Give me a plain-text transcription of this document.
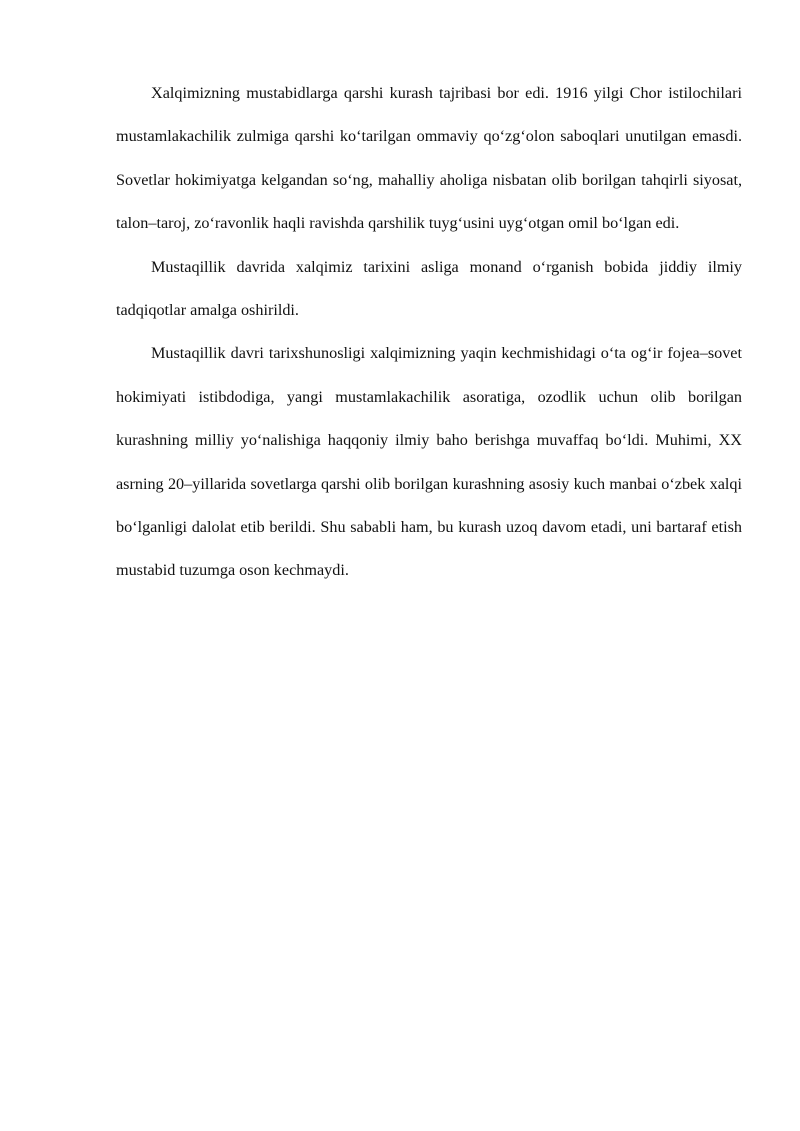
Xalqimizning mustabidlarga qarshi kurash tajribasi bor edi. 1916 yilgi Chor istilochilari mustamlakachilik zulmiga qarshi koʻtarilgan ommaviy qoʻzgʻolon saboqlari unutilgan emasdi. Sovetlar hokimiyatga kelgandan soʻng, mahalliy aholiga nisbatan olib borilgan tahqirli siyosat, talon–taroj, zoʻravonlik haqli ravishda qarshilik tuygʻusini uygʻotgan omil boʻlgan edi.

Mustaqillik davrida xalqimiz tarixini asliga monand oʻrganish bobida jiddiy ilmiy tadqiqotlar amalga oshirildi.

Mustaqillik davri tarixshunosligi xalqimizning yaqin kechmishidagi oʻta ogʻir fojea–sovet hokimiyati istibdodiga, yangi mustamlakachilik asoratiga, ozodlik uchun olib borilgan kurashning milliy yoʻnalishiga haqqoniy ilmiy baho berishga muvaffaq boʻldi. Muhimi, XX asrning 20–yillarida sovetlarga qarshi olib borilgan kurashning asosiy kuch manbai oʻzbek xalqi boʻlganligi dalolat etib berildi. Shu sababli ham, bu kurash uzoq davom etadi, uni bartaraf etish mustabid tuzumga oson kechmaydi.
